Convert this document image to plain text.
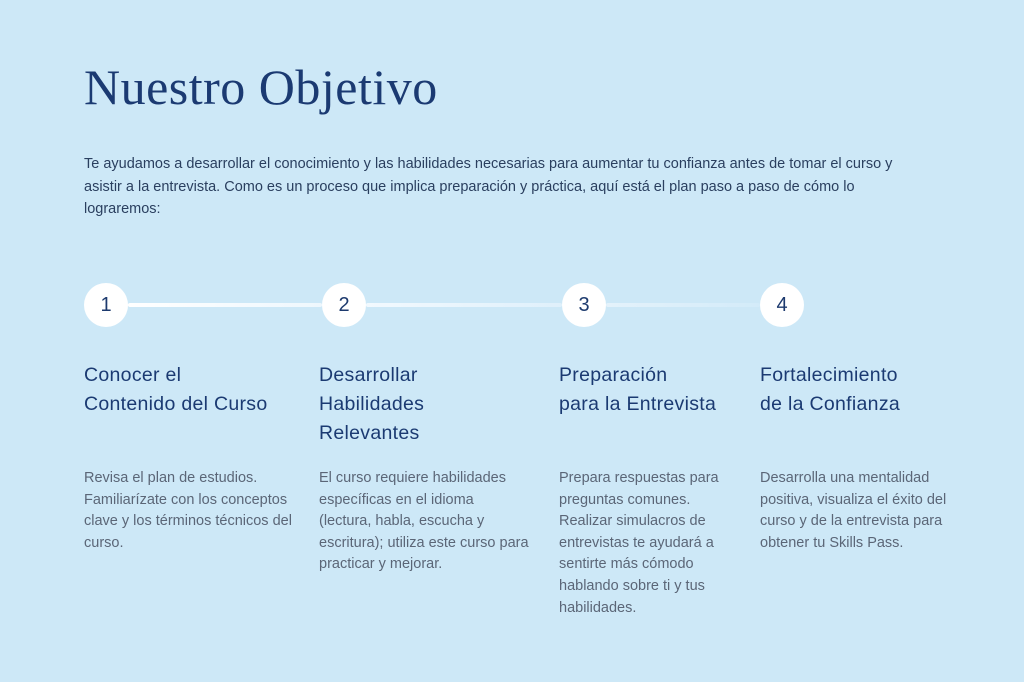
Nuestro Objetivo

Te ayudamos a desarrollar el conocimiento y las habilidades necesarias para aumentar tu confianza antes de tomar el curso y asistir a la entrevista. Como es un proceso que implica preparación y práctica, aquí está el plan paso a paso de cómo lo lograremos:

1	2	3	4
Conocer el
Contenido del Curso

Revisa el plan de estudios. Familiarízate con los conceptos clave y los términos técnicos del curso.

Desarrollar
Habilidades
Relevantes

El curso requiere habilidades específicas en el idioma (lectura, habla, escucha y escritura); utiliza este curso para practicar y mejorar.

Preparación
para la Entrevista

Prepara respuestas para preguntas comunes. Realizar simulacros de entrevistas te ayudará a sentirte más cómodo hablando sobre ti y tus habilidades.

Fortalecimiento
de la Confianza

Desarrolla una mentalidad positiva, visualiza el éxito del curso y de la entrevista para obtener tu Skills Pass.
